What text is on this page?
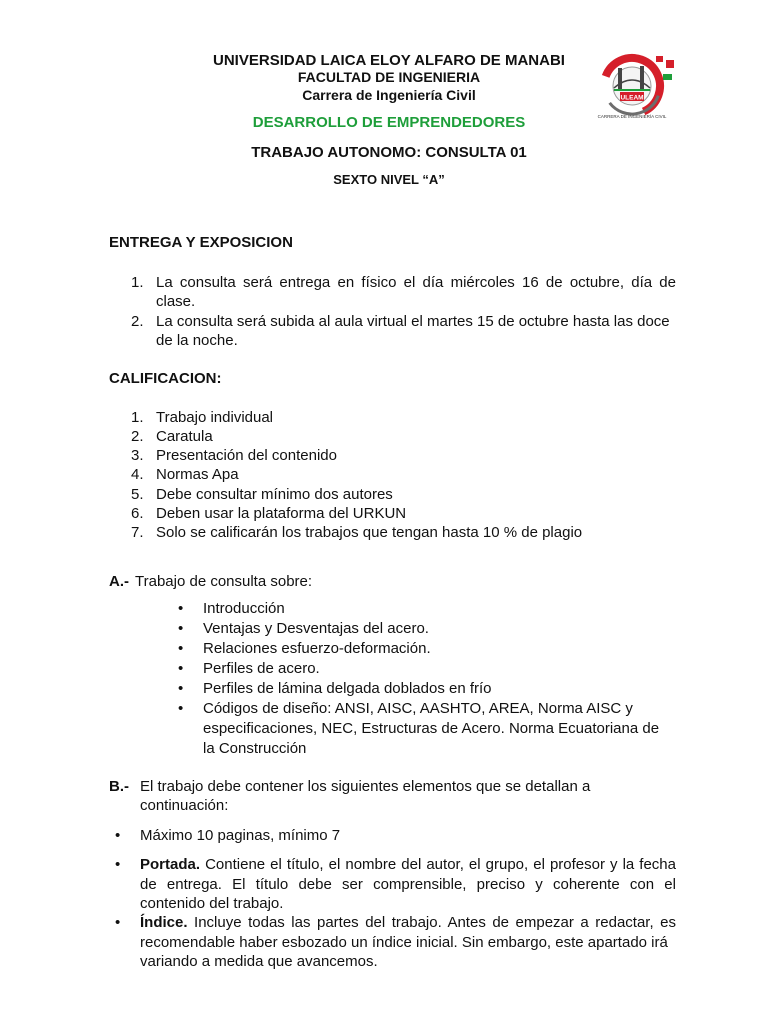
UNIVERSIDAD LAICA ELOY ALFARO DE MANABI
FACULTAD DE INGENIERIA
Carrera de Ingeniería Civil
DESARROLLO DE EMPRENDEDORES
TRABAJO AUTONOMO: CONSULTA 01
SEXTO NIVEL “A”
ULEAM
CARRERA DE INGENIERÍA CIVIL
ENTREGA Y EXPOSICION
1. La consulta será entrega en físico el día miércoles 16 de octubre, día de
clase.
2. La consulta será subida al aula virtual el martes 15 de octubre hasta las doce
de la noche.
CALIFICACION:
1. Trabajo individual
2. Caratula
3. Presentación del contenido
4. Normas Apa
5. Debe consultar mínimo dos autores
6. Deben usar la plataforma del URKUN
7. Solo se calificarán los trabajos que tengan hasta 10 % de plagio
A.- Trabajo de consulta sobre:
• Introducción
• Ventajas y Desventajas del acero.
• Relaciones esfuerzo-deformación.
• Perfiles de acero.
• Perfiles de lámina delgada doblados en frío
• Códigos de diseño: ANSI, AISC, AASHTO, AREA, Norma AISC y
especificaciones, NEC, Estructuras de Acero. Norma Ecuatoriana de
la Construcción
B.- El trabajo debe contener los siguientes elementos que se detallan a
continuación:
• Máximo 10 paginas, mínimo 7
• Portada. Contiene el título, el nombre del autor, el grupo, el profesor y la fecha
de entrega. El título debe ser comprensible, preciso y coherente con el
contenido del trabajo.
• Índice. Incluye todas las partes del trabajo. Antes de empezar a redactar, es
recomendable haber esbozado un índice inicial. Sin embargo, este apartado irá
variando a medida que avancemos.
